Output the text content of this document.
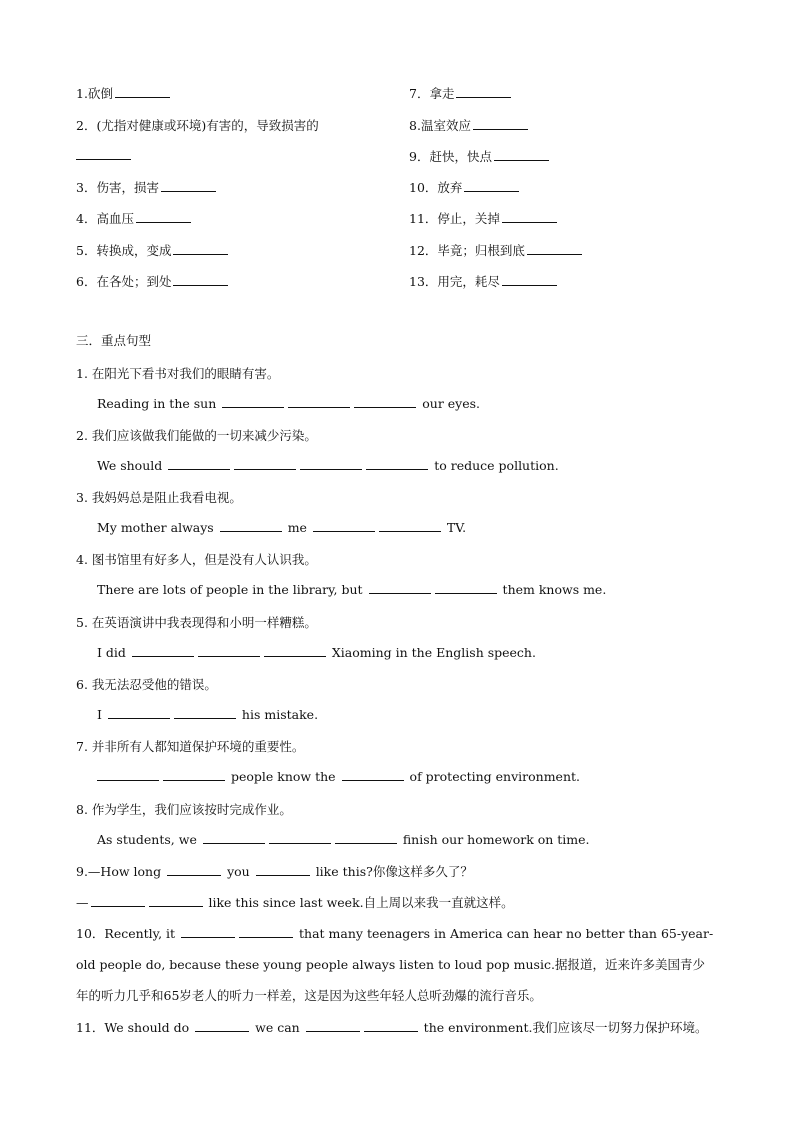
1.砍倒
2．(尤指对健康或环境)有害的，导致损害的
3．伤害，损害
4．高血压
5．转换成，变成
6．在各处；到处
7．拿走
8.温室效应
9．赶快，快点
10．放弃
11．停止，关掉
12．毕竟；归根到底
13．用完，耗尽
三．重点句型
1. 在阳光下看书对我们的眼睛有害。
Reading in the sun	our eyes.
2. 我们应该做我们能做的一切来减少污染。
We should	to reduce pollution.
3. 我妈妈总是阻止我看电视。
My mother always	me	TV.
4. 图书馆里有好多人，但是没有人认识我。
There are lots of people in the library, but	them knows me.
5. 在英语演讲中我表现得和小明一样糟糕。
I did	Xiaoming in the English speech.
6. 我无法忍受他的错误。
I	his mistake.
7. 并非所有人都知道保护环境的重要性。
people know the	of protecting environment.
8. 作为学生，我们应该按时完成作业。
As students, we	finish our homework on time.
9.—How long	you	like this?你像这样多久了？
—	like this since last week.自上周以来我一直就这样。
10．Recently, it	that many teenagers in America can hear no better than 65-year-old people do, because these young people always listen to loud pop music.据报道，近来许多美国青少年的听力几乎和65岁老人的听力一样差，这是因为这些年轻人总听劲爆的流行音乐。
11．We should do	we can	the environment.我们应该尽一切努力保护环境。
